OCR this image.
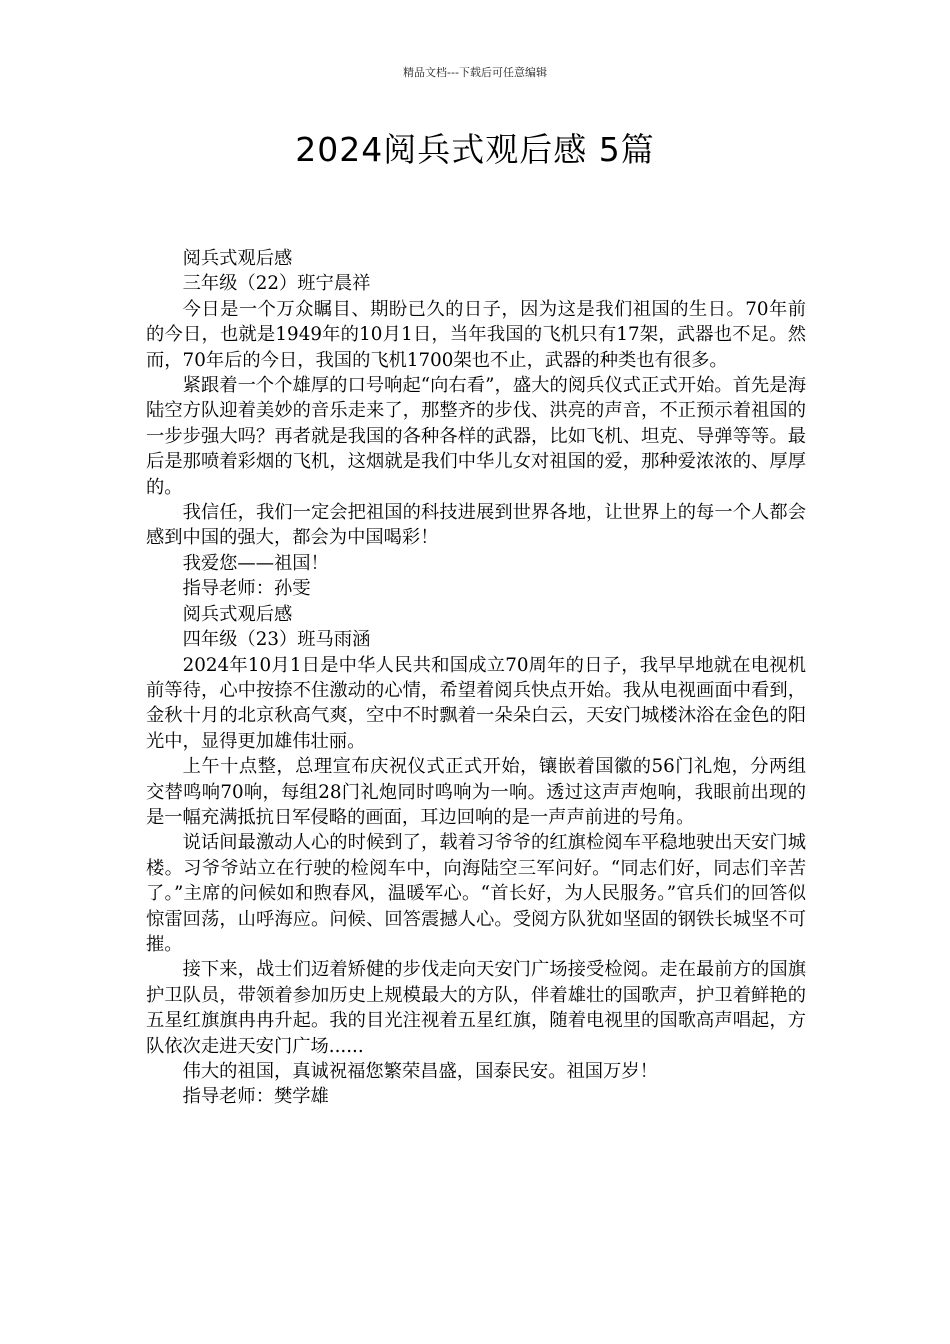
精品文档---下载后可任意编辑
2024阅兵式观后感 5篇

阅兵式观后感

三年级（22）班宁晨祥

今日是一个万众瞩目、期盼已久的日子，因为这是我们祖国的生日。70年前的今日，也就是1949年的10月1日，当年我国的飞机只有17架，武器也不足。然而，70年后的今日，我国的飞机1700架也不止，武器的种类也有很多。

紧跟着一个个雄厚的口号响起“向右看”，盛大的阅兵仪式正式开始。首先是海陆空方队迎着美妙的音乐走来了，那整齐的步伐、洪亮的声音，不正预示着祖国的一步步强大吗？再者就是我国的各种各样的武器，比如飞机、坦克、导弹等等。最后是那喷着彩烟的飞机，这烟就是我们中华儿女对祖国的爱，那种爱浓浓的、厚厚的。

我信任，我们一定会把祖国的科技进展到世界各地，让世界上的每一个人都会感到中国的强大，都会为中国喝彩！

我爱您——祖国！

指导老师：孙雯

阅兵式观后感

四年级（23）班马雨涵

2024年10月1日是中华人民共和国成立70周年的日子，我早早地就在电视机前等待，心中按捺不住激动的心情，希望着阅兵快点开始。我从电视画面中看到，金秋十月的北京秋高气爽，空中不时飘着一朵朵白云，天安门城楼沐浴在金色的阳光中，显得更加雄伟壮丽。

上午十点整，总理宣布庆祝仪式正式开始，镶嵌着国徽的56门礼炮，分两组交替鸣响70响，每组28门礼炮同时鸣响为一响。透过这声声炮响，我眼前出现的是一幅充满抵抗日军侵略的画面，耳边回响的是一声声前进的号角。

说话间最激动人心的时候到了，载着习爷爷的红旗检阅车平稳地驶出天安门城楼。习爷爷站立在行驶的检阅车中，向海陆空三军问好。“同志们好，同志们辛苦了。”主席的问候如和煦春风，温暖军心。“首长好，为人民服务。”官兵们的回答似惊雷回荡，山呼海应。问候、回答震撼人心。受阅方队犹如坚固的钢铁长城坚不可摧。

接下来，战士们迈着矫健的步伐走向天安门广场接受检阅。走在最前方的国旗护卫队员，带领着参加历史上规模最大的方队，伴着雄壮的国歌声，护卫着鲜艳的五星红旗旗冉冉升起。我的目光注视着五星红旗，随着电视里的国歌高声唱起，方队依次走进天安门广场......

伟大的祖国，真诚祝福您繁荣昌盛，国泰民安。祖国万岁！

指导老师：樊学雄
